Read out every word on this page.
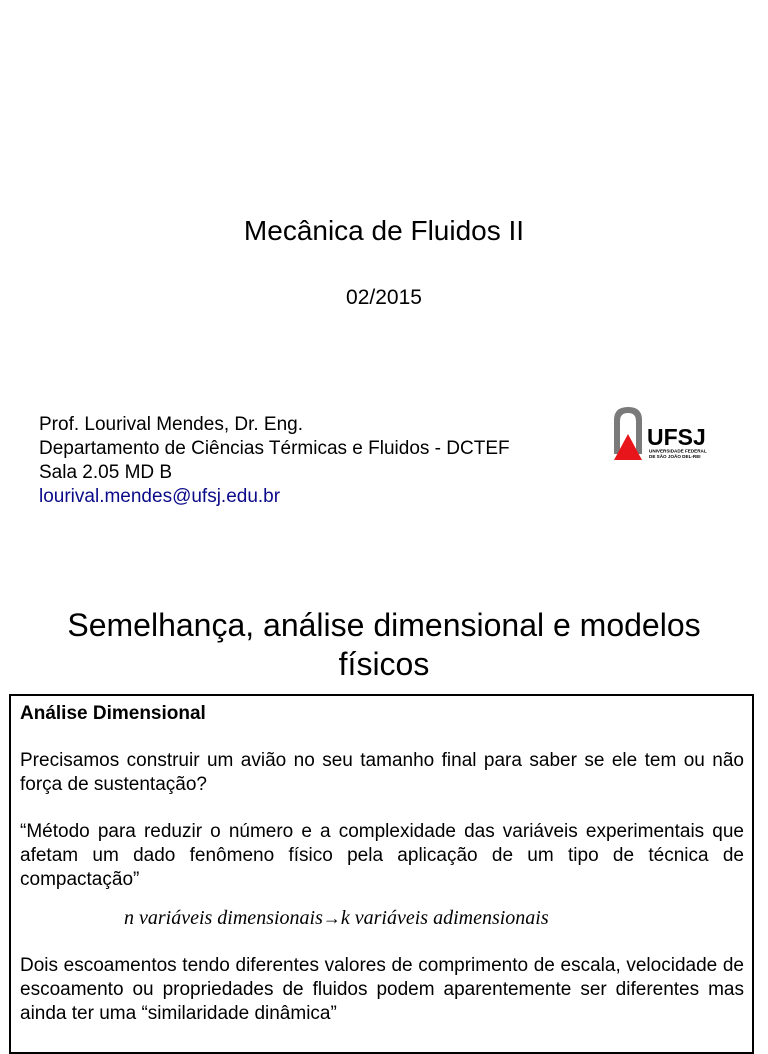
Mecânica de Fluidos II
02/2015
Prof. Lourival Mendes, Dr. Eng.
Departamento de Ciências Térmicas e Fluidos - DCTEF
Sala 2.05 MD B
lourival.mendes@ufsj.edu.br
UFSJ
UNIVERSIDADE FEDERAL
DE SÃO JOÃO DEL-REI
Semelhança, análise dimensional e modelos físicos

Análise Dimensional

Precisamos construir um avião no seu tamanho final para saber se ele tem ou não força de sustentação?

“Método para reduzir o número e a complexidade das variáveis experimentais que afetam um dado fenômeno físico pela aplicação de um tipo de técnica de compactação”

n variáveis dimensionais→k variáveis adimensionais

Dois escoamentos tendo diferentes valores de comprimento de escala, velocidade de escoamento ou propriedades de fluidos podem aparentemente ser diferentes mas ainda ter uma “similaridade dinâmica”
